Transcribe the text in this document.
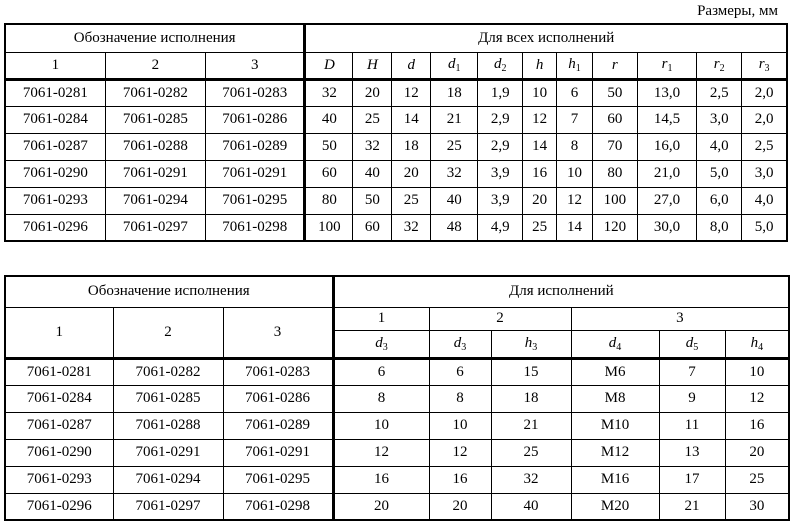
Размеры, мм
Обозначение исполнения			Для всех исполнений										
1	2	3	D	H	d	$d_1$	$d_2$	h	$h_1$	r	$r_1$	$r_2$	$r_3$
7061-0281	7061-0282	7061-0283	32	20	12	18	1,9	10	6	50	13,0	2,5	2,0
7061-0284	7061-0285	7061-0286	40	25	14	21	2,9	12	7	60	14,5	3,0	2,0
7061-0287	7061-0288	7061-0289	50	32	18	25	2,9	14	8	70	16,0	4,0	2,5
7061-0290	7061-0291	7061-0291	60	40	20	32	3,9	16	10	80	21,0	5,0	3,0
7061-0293	7061-0294	7061-0295	80	50	25	40	3,9	20	12	100	27,0	6,0	4,0
7061-0296	7061-0297	7061-0298	100	60	32	48	4,9	25	14	120	30,0	8,0	5,0
Обозначение исполнения			Для исполнений					
1	2	3	1	2		3		
			$d_3$	$d_3$	$h_3$	$d_4$	$d_5$	$h_4$
7061-0281	7061-0282	7061-0283	6	6	15	M6	7	10
7061-0284	7061-0285	7061-0286	8	8	18	M8	9	12
7061-0287	7061-0288	7061-0289	10	10	21	M10	11	16
7061-0290	7061-0291	7061-0291	12	12	25	M12	13	20
7061-0293	7061-0294	7061-0295	16	16	32	M16	17	25
7061-0296	7061-0297	7061-0298	20	20	40	M20	21	30
